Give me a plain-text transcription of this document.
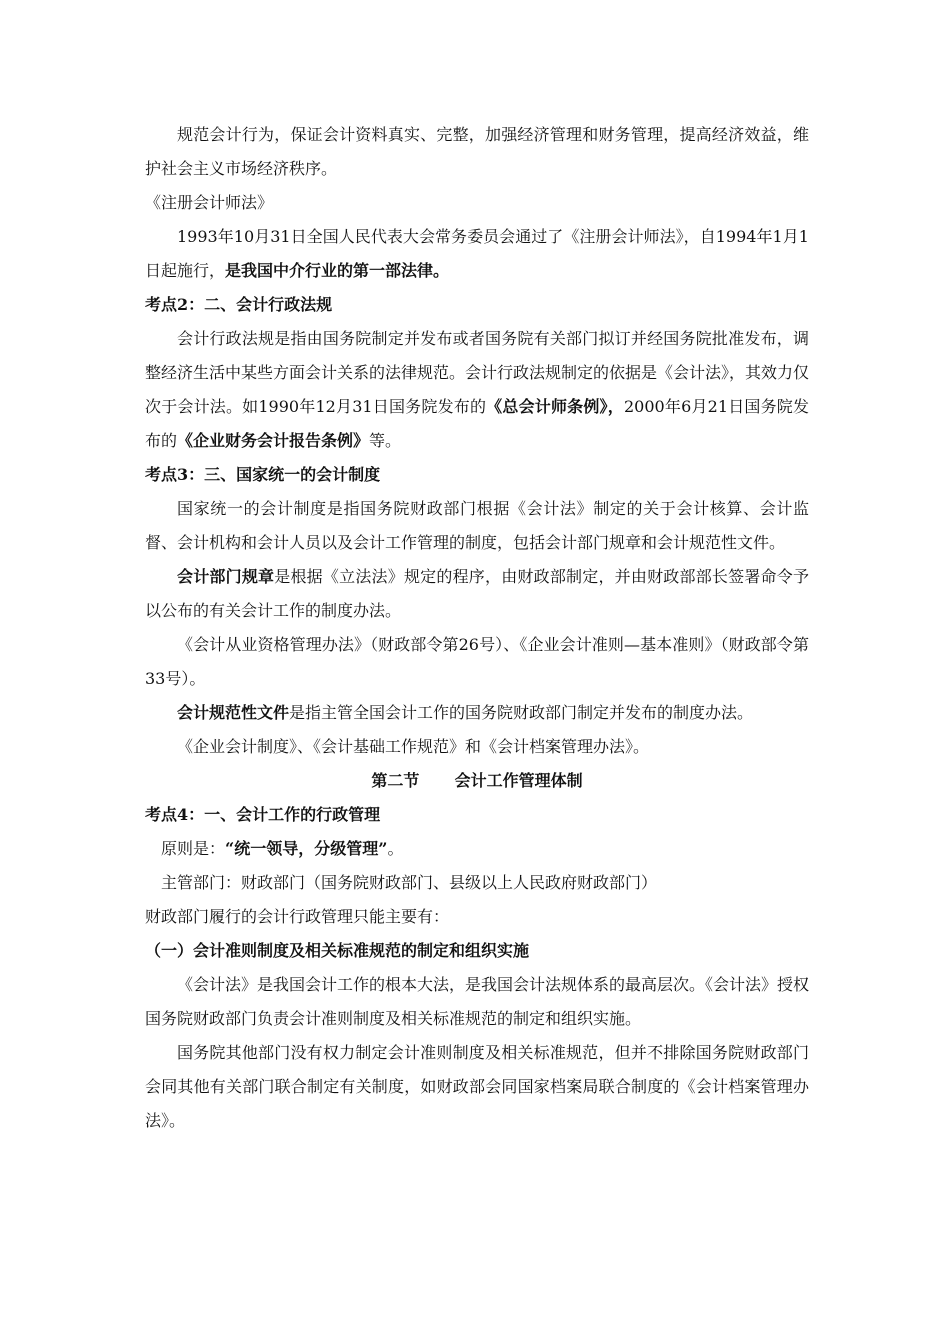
规范会计行为，保证会计资料真实、完整，加强经济管理和财务管理，提高经济效益，维护社会主义市场经济秩序。

《注册会计师法》

1993年10月31日全国人民代表大会常务委员会通过了《注册会计师法》，自1994年1月1日起施行，是我国中介行业的第一部法律。

考点2：二、会计行政法规

会计行政法规是指由国务院制定并发布或者国务院有关部门拟订并经国务院批准发布，调整经济生活中某些方面会计关系的法律规范。会计行政法规制定的依据是《会计法》，其效力仅次于会计法。如1990年12月31日国务院发布的《总会计师条例》，2000年6月21日国务院发布的《企业财务会计报告条例》等。

考点3：三、国家统一的会计制度

国家统一的会计制度是指国务院财政部门根据《会计法》制定的关于会计核算、会计监督、会计机构和会计人员以及会计工作管理的制度，包括会计部门规章和会计规范性文件。

会计部门规章是根据《立法法》规定的程序，由财政部制定，并由财政部部长签署命令予以公布的有关会计工作的制度办法。

《会计从业资格管理办法》（财政部令第26号）、《企业会计准则—基本准则》（财政部令第33号）。

会计规范性文件是指主管全国会计工作的国务院财政部门制定并发布的制度办法。

《企业会计制度》、《会计基础工作规范》和《会计档案管理办法》。

第二节 会计工作管理体制

考点4：一、会计工作的行政管理

原则是：“统一领导，分级管理”。

主管部门：财政部门（国务院财政部门、县级以上人民政府财政部门）

财政部门履行的会计行政管理只能主要有：

（一）会计准则制度及相关标准规范的制定和组织实施

《会计法》是我国会计工作的根本大法，是我国会计法规体系的最高层次。《会计法》授权国务院财政部门负责会计准则制度及相关标准规范的制定和组织实施。

国务院其他部门没有权力制定会计准则制度及相关标准规范，但并不排除国务院财政部门会同其他有关部门联合制定有关制度，如财政部会同国家档案局联合制度的《会计档案管理办法》。
